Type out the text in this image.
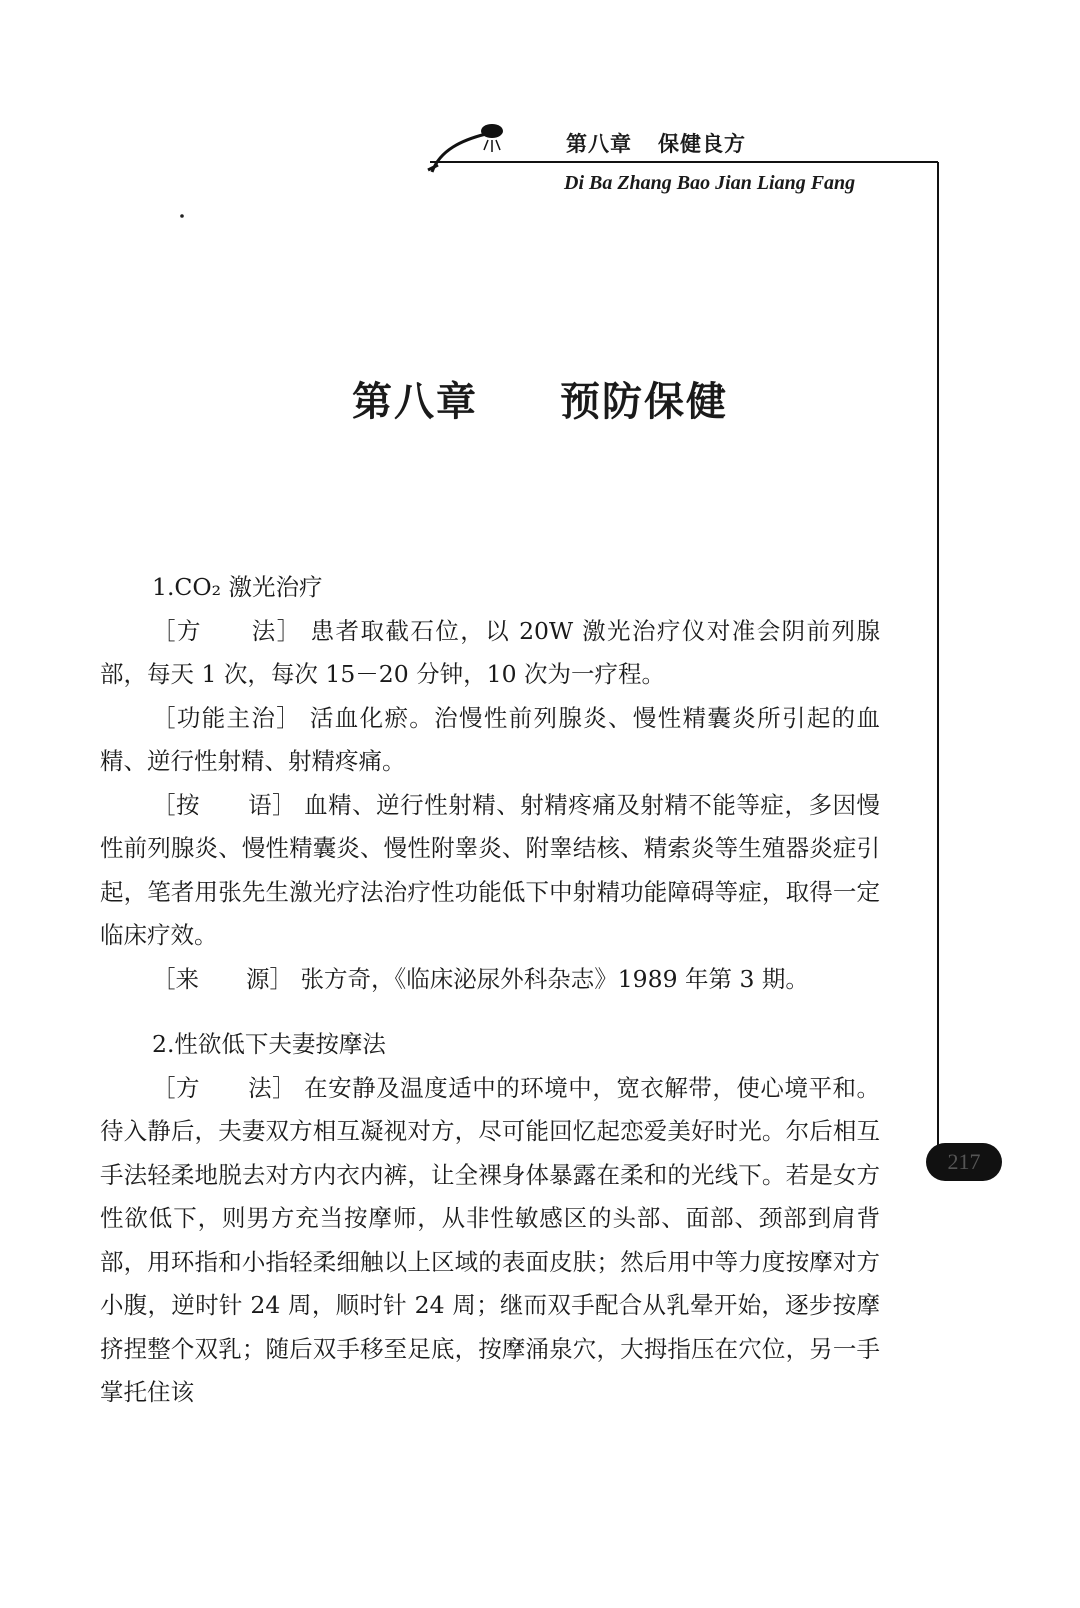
第八章 保健良方
Di Ba Zhang Bao Jian Liang Fang
第八章 预防保健
1.CO₂ 激光治疗
［方　　法］ 患者取截石位，以 20W 激光治疗仪对准会阴前列腺部，每天 1 次，每次 15－20 分钟，10 次为一疗程。
［功能主治］ 活血化瘀。治慢性前列腺炎、慢性精囊炎所引起的血精、逆行性射精、射精疼痛。
［按　　语］ 血精、逆行性射精、射精疼痛及射精不能等症，多因慢性前列腺炎、慢性精囊炎、慢性附睾炎、附睾结核、精索炎等生殖器炎症引起，笔者用张先生激光疗法治疗性功能低下中射精功能障碍等症，取得一定临床疗效。
［来　　源］ 张方奇，《临床泌尿外科杂志》1989 年第 3 期。
2.性欲低下夫妻按摩法
［方　　法］ 在安静及温度适中的环境中，宽衣解带，使心境平和。待入静后，夫妻双方相互凝视对方，尽可能回忆起恋爱美好时光。尔后相互手法轻柔地脱去对方内衣内裤，让全裸身体暴露在柔和的光线下。若是女方性欲低下，则男方充当按摩师，从非性敏感区的头部、面部、颈部到肩背部，用环指和小指轻柔细触以上区域的表面皮肤；然后用中等力度按摩对方小腹，逆时针 24 周，顺时针 24 周；继而双手配合从乳晕开始，逐步按摩挤捏整个双乳；随后双手移至足底，按摩涌泉穴，大拇指压在穴位，另一手掌托住该
217
